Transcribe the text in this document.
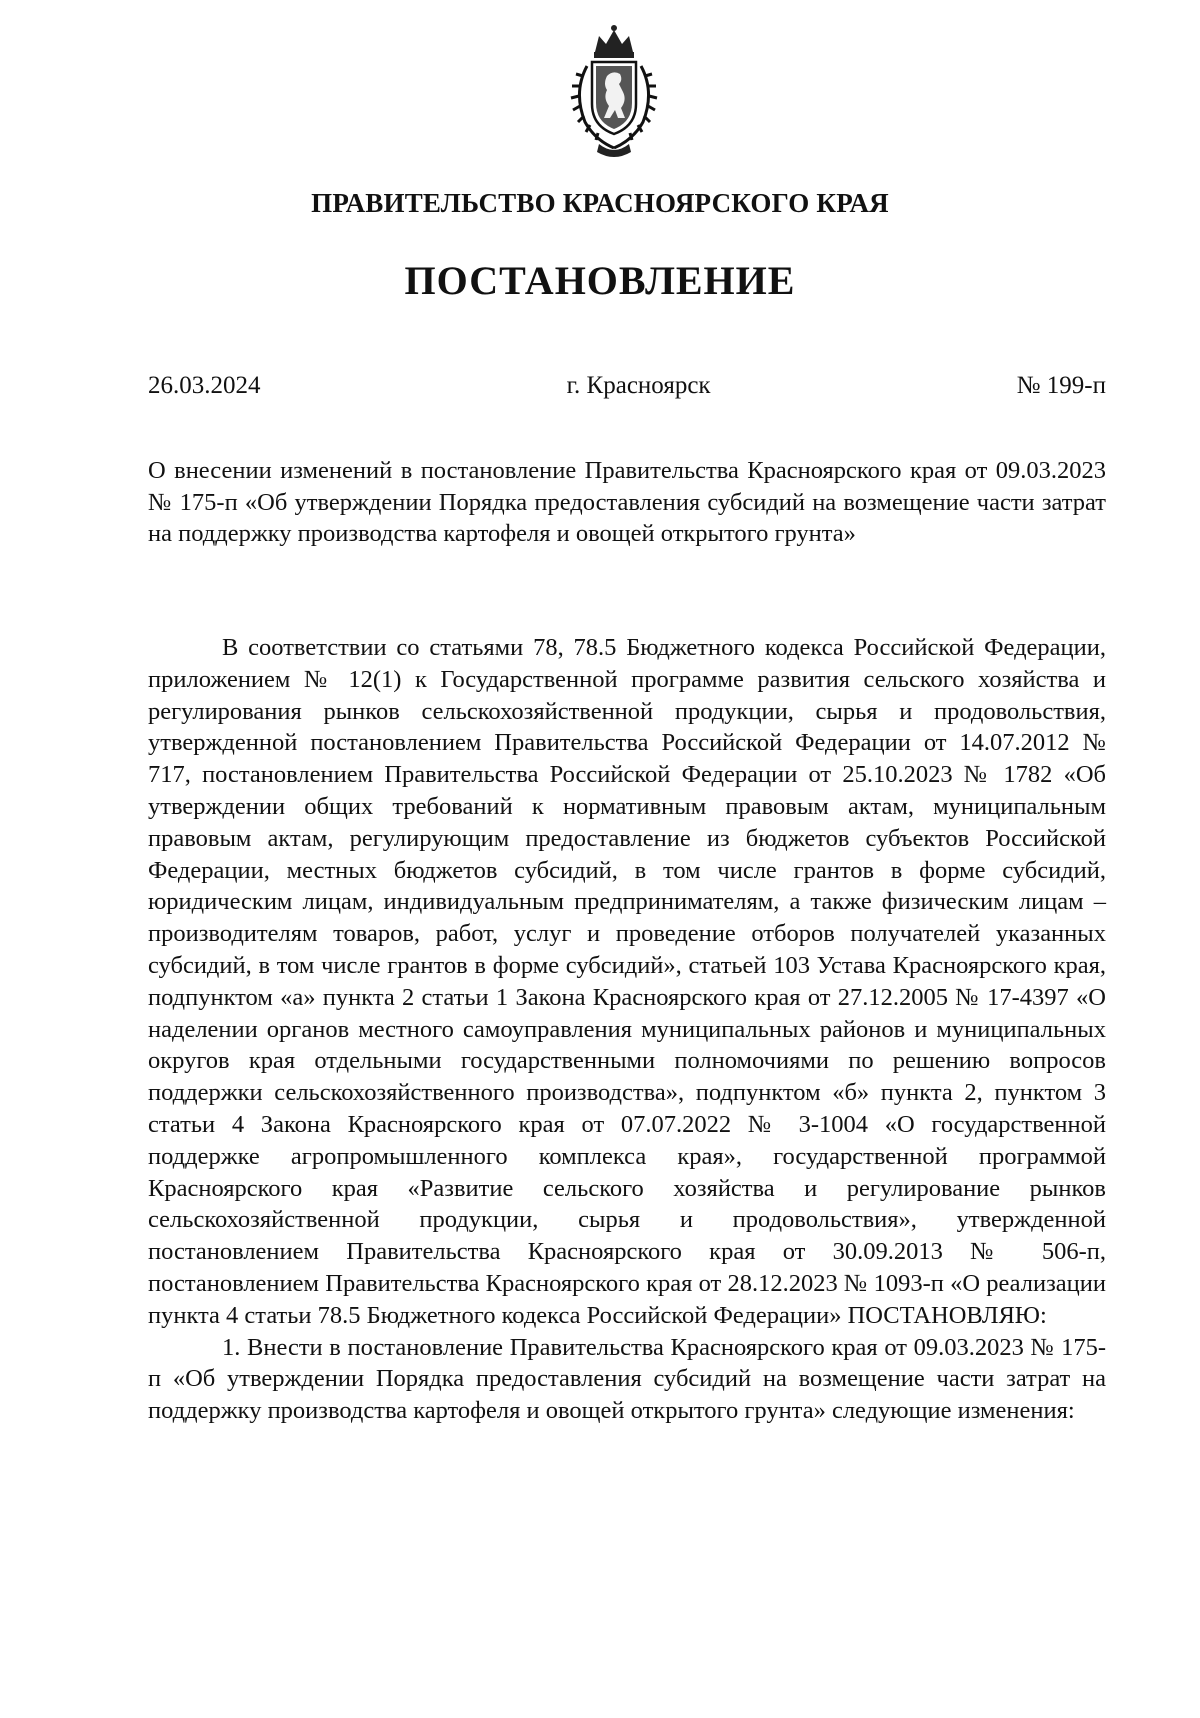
ПРАВИТЕЛЬСТВО КРАСНОЯРСКОГО КРАЯ
ПОСТАНОВЛЕНИЕ
26.03.2024	г. Красноярск	№ 199-п
О внесении изменений в постановление Правительства Красноярского края от 09.03.2023 № 175-п «Об утверждении Порядка предоставления субсидий на возмещение части затрат на поддержку производства картофеля и овощей открытого грунта»

В соответствии со статьями 78, 78.5 Бюджетного кодекса Российской Федерации, приложением № 12(1) к Государственной программе развития сельского хозяйства и регулирования рынков сельскохозяйственной продукции, сырья и продовольствия, утвержденной постановлением Правительства Российской Федерации от 14.07.2012 № 717, постановлением Правительства Российской Федерации от 25.10.2023 № 1782 «Об утверждении общих требований к нормативным правовым актам, муниципальным правовым актам, регулирующим предоставление из бюджетов субъектов Российской Федерации, местных бюджетов субсидий, в том числе грантов в форме субсидий, юридическим лицам, индивидуальным предпринимателям, а также физическим лицам – производителям товаров, работ, услуг и проведение отборов получателей указанных субсидий, в том числе грантов в форме субсидий», статьей 103 Устава Красноярского края, подпунктом «а» пункта 2 статьи 1 Закона Красноярского края от 27.12.2005 № 17-4397 «О наделении органов местного самоуправления муниципальных районов и муниципальных округов края отдельными государственными полномочиями по решению вопросов поддержки сельскохозяйственного производства», подпунктом «б» пункта 2, пунктом 3 статьи 4 Закона Красноярского края от 07.07.2022 № 3-1004 «О государственной поддержке агропромышленного комплекса края», государственной программой Красноярского края «Развитие сельского хозяйства и регулирование рынков сельскохозяйственной продукции, сырья и продовольствия», утвержденной постановлением Правительства Красноярского края от 30.09.2013 № 506-п, постановлением Правительства Красноярского края от 28.12.2023 № 1093-п «О реализации пункта 4 статьи 78.5 Бюджетного кодекса Российской Федерации» ПОСТАНОВЛЯЮ:

1. Внести в постановление Правительства Красноярского края от 09.03.2023 № 175-п «Об утверждении Порядка предоставления субсидий на возмещение части затрат на поддержку производства картофеля и овощей открытого грунта» следующие изменения:
